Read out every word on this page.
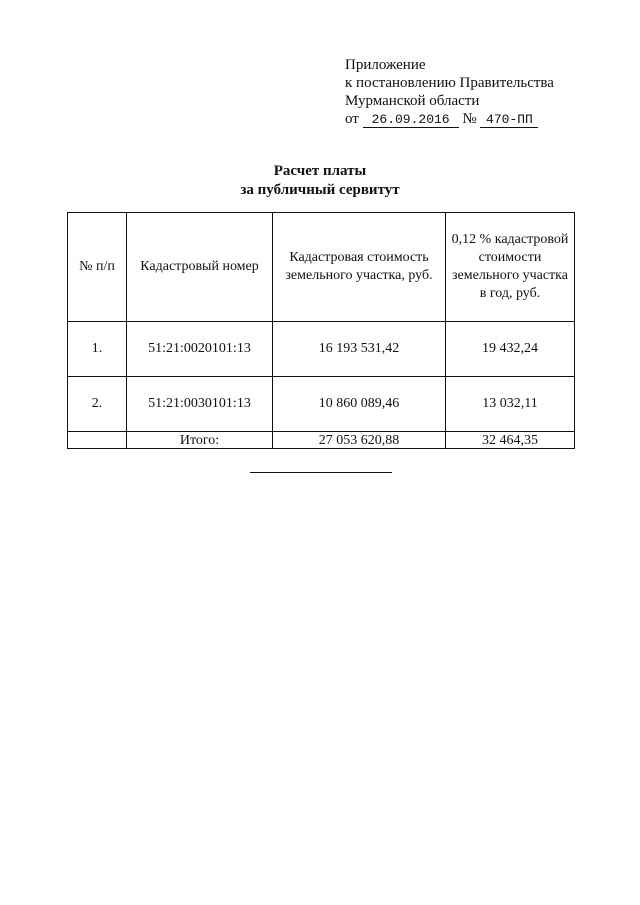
Приложение
к постановлению Правительства
Мурманской области
от 26.09.2016 № 470-ПП
Расчет платы
за публичный сервитут
№ п/п	Кадастровый номер	Кадастровая стоимость земельного участка, руб.	0,12 % кадастровой стоимости земельного участка в год, руб.
1.	51:21:0020101:13	16 193 531,42	19 432,24
2.	51:21:0030101:13	10 860 089,46	13 032,11
	Итого:	27 053 620,88	32 464,35
